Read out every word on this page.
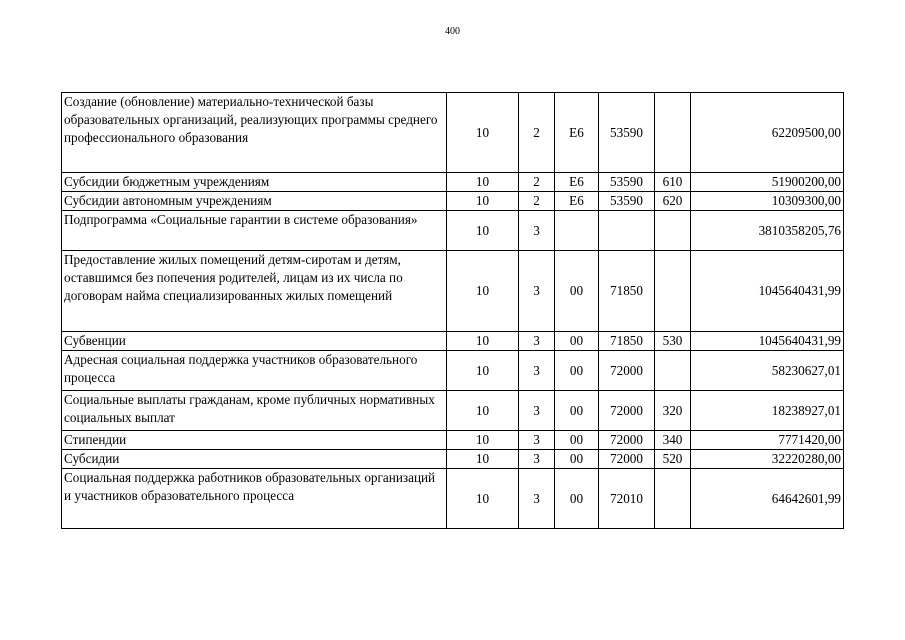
400
Создание (обновление) материально-технической базы образовательных организаций, реализующих программы среднего профессионального образования	10	2	E6	53590		62209500,00
Субсидии бюджетным учреждениям	10	2	E6	53590	610	51900200,00
Субсидии автономным учреждениям	10	2	E6	53590	620	10309300,00
Подпрограмма «Социальные гарантии в системе образования»	10	3				3810358205,76
Предоставление жилых помещений детям-сиротам и детям, оставшимся без попечения родителей, лицам из их числа по договорам найма специализированных жилых помещений	10	3	00	71850		1045640431,99
Субвенции	10	3	00	71850	530	1045640431,99
Адресная социальная поддержка участников образовательного процесса	10	3	00	72000		58230627,01
Социальные выплаты гражданам, кроме публичных нормативных социальных выплат	10	3	00	72000	320	18238927,01
Стипендии	10	3	00	72000	340	7771420,00
Субсидии	10	3	00	72000	520	32220280,00
Социальная поддержка работников образовательных организаций и участников образовательного процесса	10	3	00	72010		64642601,99
